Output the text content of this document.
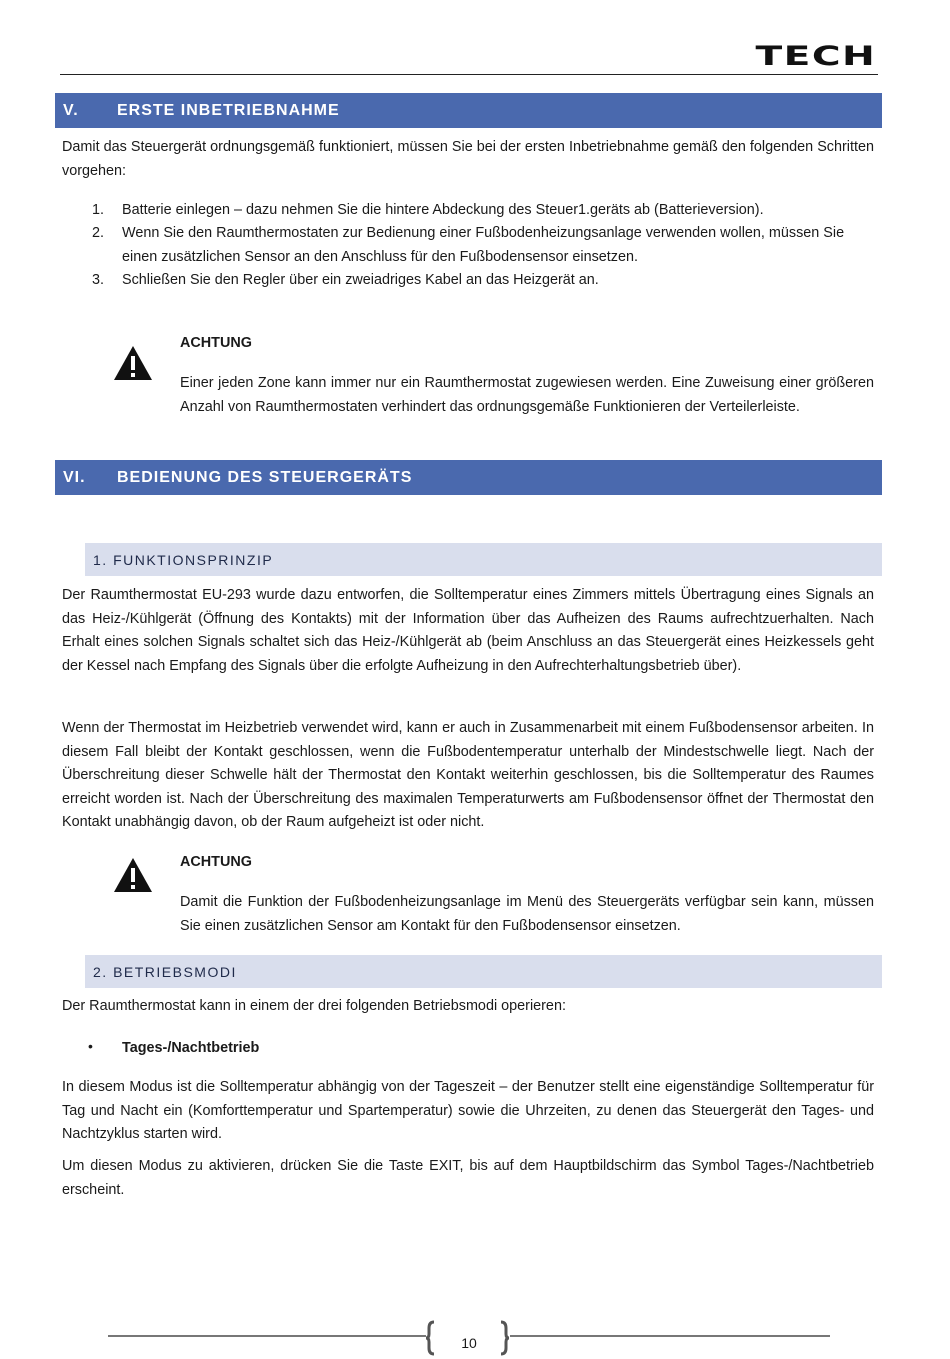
TECH
V.	ERSTE INBETRIEBNAHME

Damit das Steuergerät ordnungsgemäß funktioniert, müssen Sie bei der ersten Inbetriebnahme gemäß den folgenden Schritten vorgehen:

1. Batterie einlegen – dazu nehmen Sie die hintere Abdeckung des Steuer1.geräts ab (Batterieversion).
2. Wenn Sie den Raumthermostaten zur Bedienung einer Fußbodenheizungsanlage verwenden wollen, müssen Sie einen zusätzlichen Sensor an den Anschluss für den Fußbodensensor einsetzen.
3. Schließen Sie den Regler über ein zweiadriges Kabel an das Heizgerät an.
ACHTUNG

Einer jeden Zone kann immer nur ein Raumthermostat zugewiesen werden. Eine Zuweisung einer größeren Anzahl von Raumthermostaten verhindert das ordnungsgemäße Funktionieren der Verteilerleiste.

VI.	BEDIENUNG DES STEUERGERÄTS
1. FUNKTIONSPRINZIP

Der Raumthermostat EU-293 wurde dazu entworfen, die Solltemperatur eines Zimmers mittels Übertragung eines Signals an das Heiz-/Kühlgerät (Öffnung des Kontakts) mit der Information über das Aufheizen des Raums aufrechtzuerhalten. Nach Erhalt eines solchen Signals schaltet sich das Heiz-/Kühlgerät ab (beim Anschluss an das Steuergerät eines Heizkessels geht der Kessel nach Empfang des Signals über die erfolgte Aufheizung in den Aufrechterhaltungsbetrieb über).

Wenn der Thermostat im Heizbetrieb verwendet wird, kann er auch in Zusammenarbeit mit einem Fußbodensensor arbeiten. In diesem Fall bleibt der Kontakt geschlossen, wenn die Fußbodentemperatur unterhalb der Mindestschwelle liegt. Nach der Überschreitung dieser Schwelle hält der Thermostat den Kontakt weiterhin geschlossen, bis die Solltemperatur des Raumes erreicht worden ist. Nach der Überschreitung des maximalen Temperaturwerts am Fußbodensensor öffnet der Thermostat den Kontakt unabhängig davon, ob der Raum aufgeheizt ist oder nicht.

ACHTUNG

Damit die Funktion der Fußbodenheizungsanlage im Menü des Steuergeräts verfügbar sein kann, müssen Sie einen zusätzlichen Sensor am Kontakt für den Fußbodensensor einsetzen.

2. BETRIEBSMODI

Der Raumthermostat kann in einem der drei folgenden Betriebsmodi operieren:

• Tages-/Nachtbetrieb

In diesem Modus ist die Solltemperatur abhängig von der Tageszeit – der Benutzer stellt eine eigenständige Solltemperatur für Tag und Nacht ein (Komforttemperatur und Spartemperatur) sowie die Uhrzeiten, zu denen das Steuergerät den Tages- und Nachtzyklus starten wird.

Um diesen Modus zu aktivieren, drücken Sie die Taste EXIT, bis auf dem Hauptbildschirm das Symbol Tages-/Nachtbetrieb erscheint.

10
